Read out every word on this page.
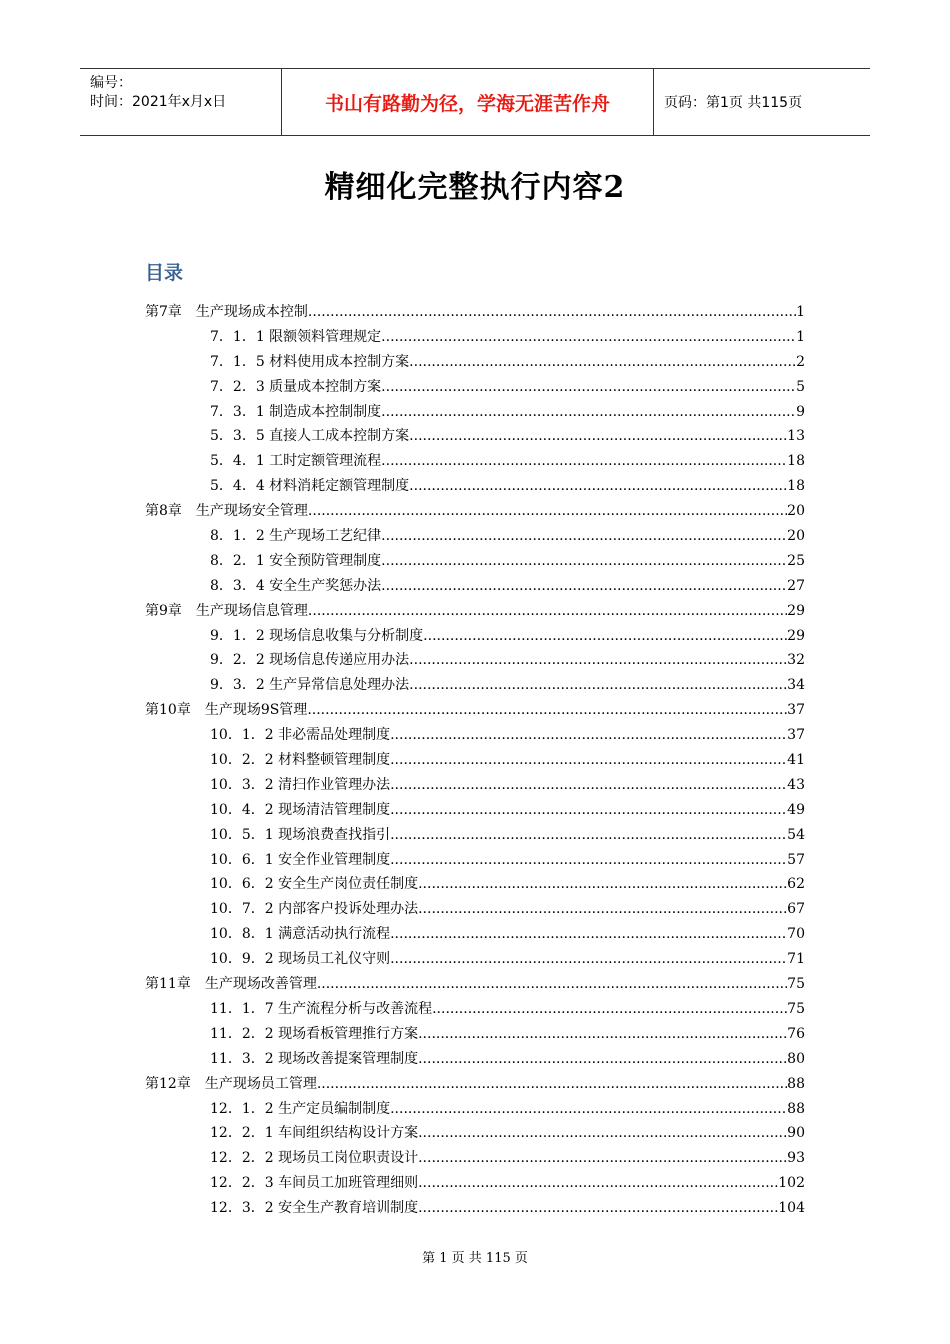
编号：
时间：2021年x月x日	书山有路勤为径，学海无涯苦作舟	页码：第1页 共115页
精细化完整执行内容2
目录
第7章　生产现场成本控制 .....	1
7．1．1 限额领料管理规定 .....	1
7．1．5 材料使用成本控制方案 .....	2
7．2．3 质量成本控制方案 .....	5
7．3．1 制造成本控制制度 .....	9
5．3．5 直接人工成本控制方案 .....	13
5．4．1 工时定额管理流程 .....	18
5．4．4 材料消耗定额管理制度 .....	18
第8章　生产现场安全管理 .....	20
8．1．2 生产现场工艺纪律 .....	20
8．2．1 安全预防管理制度 .....	25
8．3．4 安全生产奖惩办法 .....	27
第9章　生产现场信息管理 .....	29
9．1．2 现场信息收集与分析制度 .....	29
9．2．2 现场信息传递应用办法 .....	32
9．3．2 生产异常信息处理办法 .....	34
第10章　生产现场9S管理 .....	37
10．1．2 非必需品处理制度 .....	37
10．2．2 材料整顿管理制度 .....	41
10．3．2 清扫作业管理办法 .....	43
10．4．2 现场清洁管理制度 .....	49
10．5．1 现场浪费查找指引 .....	54
10．6．1 安全作业管理制度 .....	57
10．6．2 安全生产岗位责任制度 .....	62
10．7．2 内部客户投诉处理办法 .....	67
10．8．1 满意活动执行流程 .....	70
10．9．2 现场员工礼仪守则 .....	71
第11章　生产现场改善管理 .....	75
11．1．7 生产流程分析与改善流程 .....	75
11．2．2 现场看板管理推行方案 .....	76
11．3．2 现场改善提案管理制度 .....	80
第12章　生产现场员工管理 .....	88
12．1．2 生产定员编制制度 .....	88
12．2．1 车间组织结构设计方案 .....	90
12．2．2 现场员工岗位职责设计 .....	93
12．2．3 车间员工加班管理细则 .....	102
12．3．2 安全生产教育培训制度 .....	104
第 1 页 共 115 页
